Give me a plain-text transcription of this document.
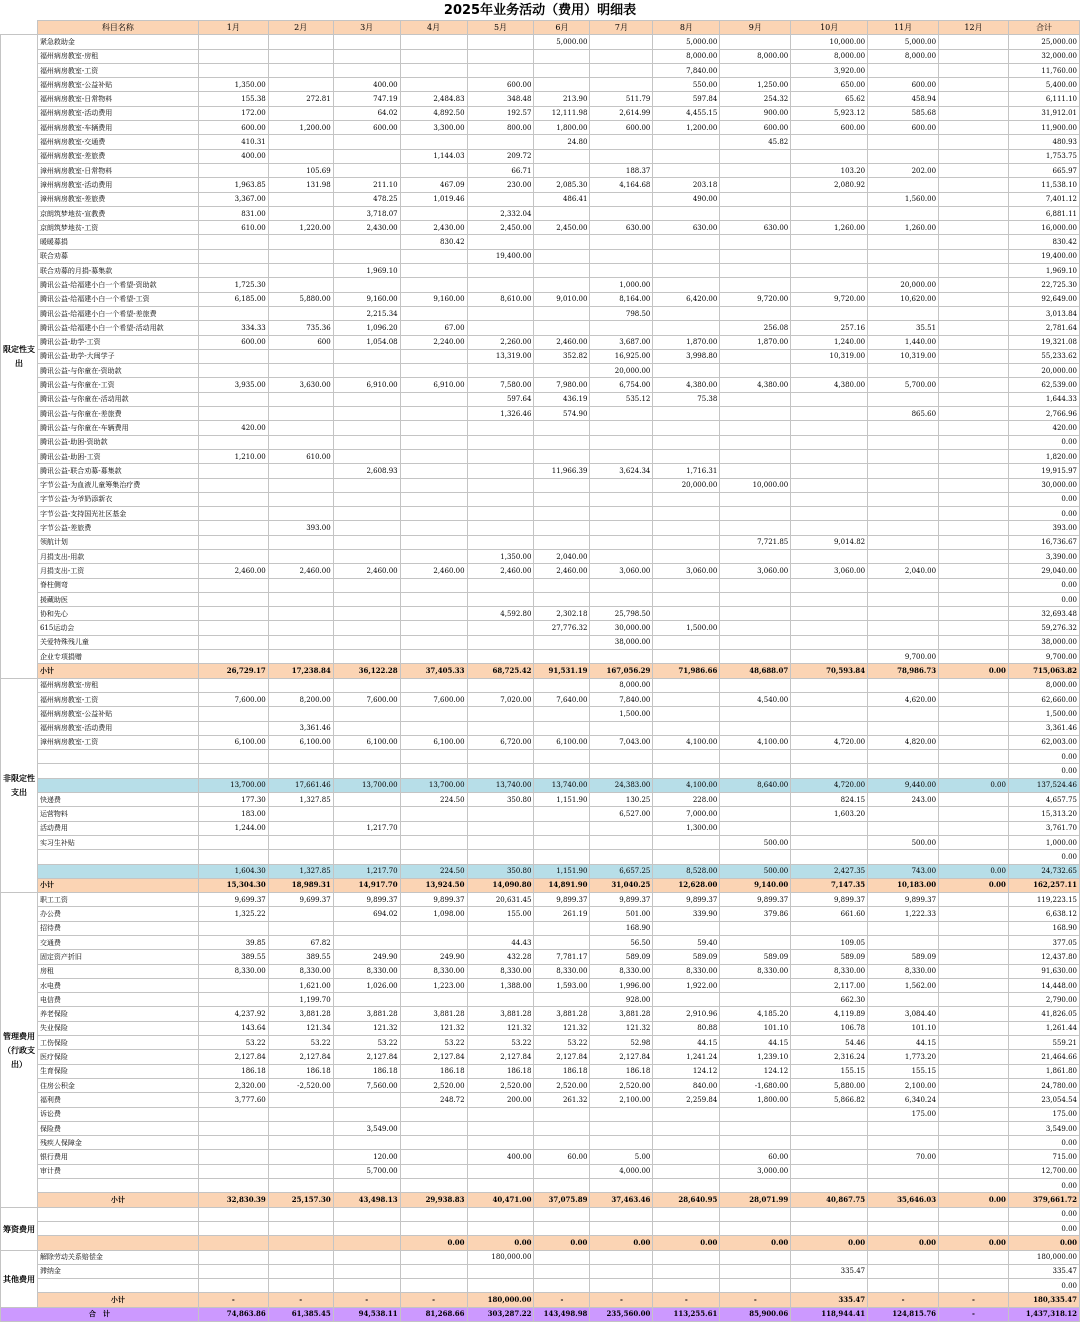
2025年业务活动（费用）明细表
	科目名称	1月	2月	3月	4月	5月	6月	7月	8月	9月	10月	11月	12月	合计
限定性支出	紧急救助金						5,000.00		5,000.00		10,000.00	5,000.00		25,000.00
	福州病房教室-房租								8,000.00	8,000.00	8,000.00	8,000.00		32,000.00
	福州病房教室-工资								7,840.00		3,920.00			11,760.00
	福州病房教室-公益补贴	1,350.00		400.00		600.00			550.00	1,250.00	650.00	600.00		5,400.00
	福州病房教室-日常物料	155.38	272.81	747.19	2,484.83	348.48	213.90	511.79	597.84	254.32	65.62	458.94		6,111.10
	福州病房教室-活动费用	172.00		64.02	4,892.50	192.57	12,111.98	2,614.99	4,455.15	900.00	5,923.12	585.68		31,912.01
	福州病房教室-车辆费用	600.00	1,200.00	600.00	3,300.00	800.00	1,800.00	600.00	1,200.00	600.00	600.00	600.00		11,900.00
	福州病房教室-交通费	410.31					24.80			45.82				480.93
	福州病房教室-差旅费	400.00			1,144.03	209.72								1,753.75
	漳州病房教室-日常物料		105.69			66.71		188.37			103.20	202.00		665.97
	漳州病房教室-活动费用	1,963.85	131.98	211.10	467.09	230.00	2,085.30	4,164.68	203.18		2,080.92			11,538.10
	漳州病房教室-差旅费	3,367.00		478.25	1,019.46		486.41		490.00			1,560.00		7,401.12
	京朗筑梦地贫-宣教费	831.00		3,718.07		2,332.04								6,881.11
	京朗筑梦地贫-工资	610.00	1,220.00	2,430.00	2,430.00	2,450.00	2,450.00	630.00	630.00	630.00	1,260.00	1,260.00		16,000.00
	暖暖募捐				830.42									830.42
	联合劝募					19,400.00								19,400.00
	联合劝募的月捐-募集款			1,969.10										1,969.10
	腾讯公益-给福建小白一个希望-资助款	1,725.30						1,000.00				20,000.00		22,725.30
	腾讯公益-给福建小白一个希望-工资	6,185.00	5,880.00	9,160.00	9,160.00	8,610.00	9,010.00	8,164.00	6,420.00	9,720.00	9,720.00	10,620.00		92,649.00
	腾讯公益-给福建小白一个希望-差旅费			2,215.34				798.50						3,013.84
	腾讯公益-给福建小白一个希望-活动用款	334.33	735.36	1,096.20	67.00					256.08	257.16	35.51		2,781.64
	腾讯公益-助学-工资	600.00	600	1,054.08	2,240.00	2,260.00	2,460.00	3,687.00	1,870.00	1,870.00	1,240.00	1,440.00		19,321.08
	腾讯公益-助学-大闽学子					13,319.00	352.82	16,925.00	3,998.80		10,319.00	10,319.00		55,233.62
	腾讯公益-与你童在-资助款							20,000.00						20,000.00
	腾讯公益-与你童在-工资	3,935.00	3,630.00	6,910.00	6,910.00	7,580.00	7,980.00	6,754.00	4,380.00	4,380.00	4,380.00	5,700.00		62,539.00
	腾讯公益-与你童在-活动用款					597.64	436.19	535.12	75.38					1,644.33
	腾讯公益-与你童在-差旅费					1,326.46	574.90					865.60		2,766.96
	腾讯公益-与你童在-车辆费用	420.00												420.00
	腾讯公益-助困-资助款													0.00
	腾讯公益-助困-工资	1,210.00	610.00											1,820.00
	腾讯公益-联合劝募-募集款			2,608.93			11,966.39	3,624.34	1,716.31					19,915.97
	字节公益-为血液儿童筹集治疗费								20,000.00	10,000.00				30,000.00
	字节公益-为爷奶添新衣													0.00
	字节公益-支持国光社区基金													0.00
	字节公益-差旅费		393.00											393.00
	领航计划									7,721.85	9,014.82			16,736.67
	月捐支出-用款					1,350.00	2,040.00							3,390.00
	月捐支出-工资	2,460.00	2,460.00	2,460.00	2,460.00	2,460.00	2,460.00	3,060.00	3,060.00	3,060.00	3,060.00	2,040.00		29,040.00
	脊柱侧弯													0.00
	援藏助医													0.00
	协和先心					4,592.80	2,302.18	25,798.50						32,693.48
	615运动会						27,776.32	30,000.00	1,500.00					59,276.32
	关爱特殊残儿童							38,000.00						38,000.00
	企业专项捐赠											9,700.00		9,700.00
	小计	26,729.17	17,238.84	36,122.28	37,405.33	68,725.42	91,531.19	167,056.29	71,986.66	48,688.07	70,593.84	78,986.73	0.00	715,063.82
非限定性支出	福州病房教室-房租							8,000.00						8,000.00
	福州病房教室-工资	7,600.00	8,200.00	7,600.00	7,600.00	7,020.00	7,640.00	7,840.00		4,540.00		4,620.00		62,660.00
	福州病房教室-公益补贴							1,500.00						1,500.00
	福州病房教室-活动费用		3,361.46											3,361.46
	漳州病房教室-工资	6,100.00	6,100.00	6,100.00	6,100.00	6,720.00	6,100.00	7,043.00	4,100.00	4,100.00	4,720.00	4,820.00		62,003.00
														0.00
														0.00
		13,700.00	17,661.46	13,700.00	13,700.00	13,740.00	13,740.00	24,383.00	4,100.00	8,640.00	4,720.00	9,440.00	0.00	137,524.46
	快递费	177.30	1,327.85		224.50	350.80	1,151.90	130.25	228.00		824.15	243.00		4,657.75
	运营物料	183.00						6,527.00	7,000.00		1,603.20			15,313.20
	活动费用	1,244.00		1,217.70					1,300.00					3,761.70
	实习生补贴									500.00		500.00		1,000.00
														0.00
		1,604.30	1,327.85	1,217.70	224.50	350.80	1,151.90	6,657.25	8,528.00	500.00	2,427.35	743.00	0.00	24,732.65
	小计	15,304.30	18,989.31	14,917.70	13,924.50	14,090.80	14,891.90	31,040.25	12,628.00	9,140.00	7,147.35	10,183.00	0.00	162,257.11
管理费用（行政支出）	职工工资	9,699.37	9,699.37	9,899.37	9,899.37	20,631.45	9,899.37	9,899.37	9,899.37	9,899.37	9,899.37	9,899.37		119,223.15
	办公费	1,325.22		694.02	1,098.00	155.00	261.19	501.00	339.90	379.86	661.60	1,222.33		6,638.12
	招待费							168.90						168.90
	交通费	39.85	67.82			44.43		56.50	59.40		109.05			377.05
	固定资产折旧	389.55	389.55	249.90	249.90	432.28	7,781.17	589.09	589.09	589.09	589.09	589.09		12,437.80
	房租	8,330.00	8,330.00	8,330.00	8,330.00	8,330.00	8,330.00	8,330.00	8,330.00	8,330.00	8,330.00	8,330.00		91,630.00
	水电费		1,621.00	1,026.00	1,223.00	1,388.00	1,593.00	1,996.00	1,922.00		2,117.00	1,562.00		14,448.00
	电信费		1,199.70					928.00			662.30			2,790.00
	养老保险	4,237.92	3,881.28	3,881.28	3,881.28	3,881.28	3,881.28	3,881.28	2,910.96	4,185.20	4,119.89	3,084.40		41,826.05
	失业保险	143.64	121.34	121.32	121.32	121.32	121.32	121.32	80.88	101.10	106.78	101.10		1,261.44
	工伤保险	53.22	53.22	53.22	53.22	53.22	53.22	52.98	44.15	44.15	54.46	44.15		559.21
	医疗保险	2,127.84	2,127.84	2,127.84	2,127.84	2,127.84	2,127.84	2,127.84	1,241.24	1,239.10	2,316.24	1,773.20		21,464.66
	生育保险	186.18	186.18	186.18	186.18	186.18	186.18	186.18	124.12	124.12	155.15	155.15		1,861.80
	住房公积金	2,320.00	-2,520.00	7,560.00	2,520.00	2,520.00	2,520.00	2,520.00	840.00	-1,680.00	5,880.00	2,100.00		24,780.00
	福利费	3,777.60			248.72	200.00	261.32	2,100.00	2,259.84	1,800.00	5,866.82	6,340.24		23,054.54
	诉讼费											175.00		175.00
	保险费			3,549.00										3,549.00
	残疾人保障金													0.00
	银行费用			120.00		400.00	60.00	5.00		60.00		70.00		715.00
	审计费			5,700.00				4,000.00		3,000.00				12,700.00
														0.00
	小计	32,830.39	25,157.30	43,498.13	29,938.83	40,471.00	37,075.89	37,463.46	28,640.95	28,071.99	40,867.75	35,646.03	0.00	379,661.72
筹资费用														0.00
														0.00
					0.00	0.00	0.00	0.00	0.00	0.00	0.00	0.00	0.00	0.00
其他费用	解除劳动关系赔偿金					180,000.00								180,000.00
	滞纳金										335.47			335.47
														0.00
	小计	-	-	-	-	180,000.00	-	-	-	-	335.47	-	-	180,335.47
合　计		74,863.86	61,385.45	94,538.11	81,268.66	303,287.22	143,498.98	235,560.00	113,255.61	85,900.06	118,944.41	124,815.76	-	1,437,318.12
